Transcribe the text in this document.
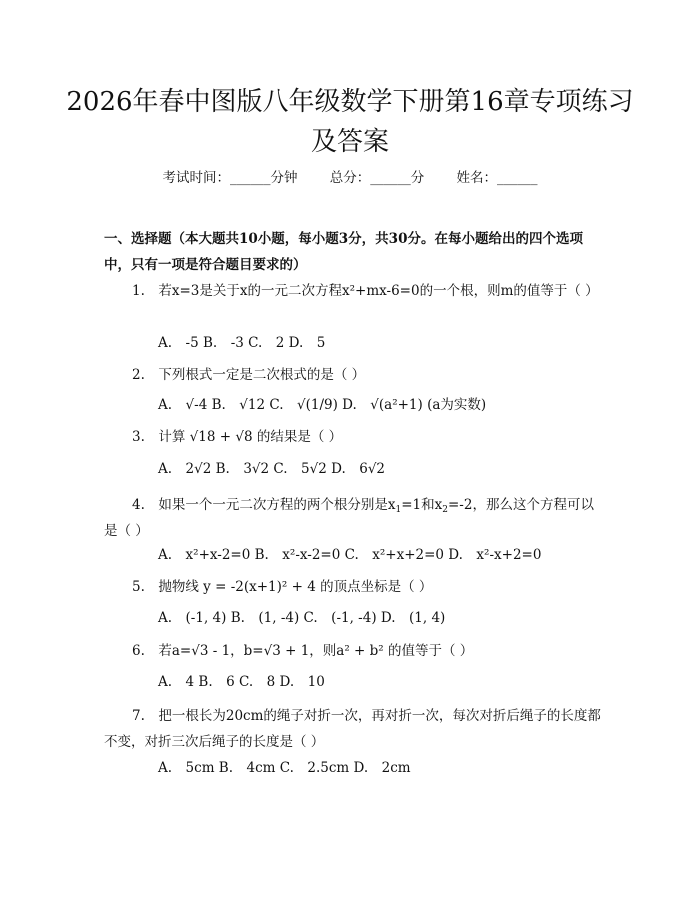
2026年春中图版八年级数学下册第16章专项练习及答案
考试时间：______分钟 总分：______分 姓名：______

一、选择题（本大题共10小题，每小题3分，共30分。在每小题给出的四个选项中，只有一项是符合题目要求的）

1.　若x=3是关于x的一元二次方程x²+mx-6=0的一个根，则m的值等于（ ）

A.　-5 B.　-3 C.　2 D.　5

2.　下列根式一定是二次根式的是（ ）

A.　√-4 B.　√12 C.　√(1/9) D.　√(a²+1) (a为实数)

3.　计算 √18 + √8 的结果是（ ）

A.　2√2 B.　3√2 C.　5√2 D.　6√2

4.　如果一个一元二次方程的两个根分别是$x_1=1$和$x_2=-2$，那么这个方程可以是（ ）

A.　x²+x-2=0 B.　x²-x-2=0 C.　x²+x+2=0 D.　x²-x+2=0

5.　抛物线 y = -2(x+1)² + 4 的顶点坐标是（ ）

A.　(-1, 4) B.　(1, -4) C.　(-1, -4) D.　(1, 4)

6.　若a=√3 - 1，b=√3 + 1，则a² + b² 的值等于（ ）

A.　4 B.　6 C.　8 D.　10

7.　把一根长为20cm的绳子对折一次，再对折一次，每次对折后绳子的长度都不变，对折三次后绳子的长度是（ ）

A.　5cm B.　4cm C.　2.5cm D.　2cm
